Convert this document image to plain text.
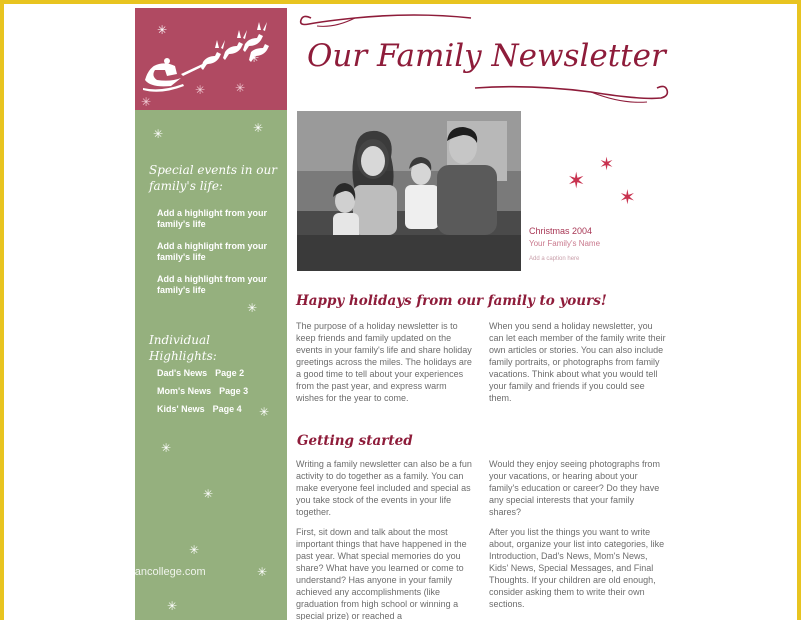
✳
✳ ✳
✳
✳
✳	✳
✳
✳
✳
✳
✳
✳
✳
Special events in our family's life:
Add a highlight from your family's life
Add a highlight from your family's life
Add a highlight from your family's life
Individual Highlights:
Dad's News Page 2
Mom's News Page 3
Kids' News Page 4
Our Family Newsletter
Christmas 2004
Your Family's Name
Add a caption here
✶
✶
✶
Happy holidays from our family to yours!

The purpose of a holiday newsletter is to keep friends and family updated on the events in your family's life and share holiday greetings across the miles. The holidays are a good time to tell about your experiences from the past year, and express warm wishes for the year to come.

When you send a holiday newsletter, you can let each member of the family write their own articles or stories. You can also include family portraits, or photographs from family vacations. Think about what you would tell your family and friends if you could see them.

Getting started

Writing a family newsletter can also be a fun activity to do together as a family. You can make everyone feel included and special as you take stock of the events in your life together.

First, sit down and talk about the most important things that have happened in the past year. What special memories do you share? What have you learned or come to understand? Has anyone in your family achieved any accomplishments (like graduation from high school or winning a special prize) or reached a

Would they enjoy seeing photographs from your vacations, or hearing about your family's education or career? Do they have any special interests that your family shares?

After you list the things you want to write about, organize your list into categories, like Introduction, Dad's News, Mom's News, Kids' News, Special Messages, and Final Thoughts. If your children are old enough, consider asking them to write their own sections.

www.heritagechristiancollege.com
